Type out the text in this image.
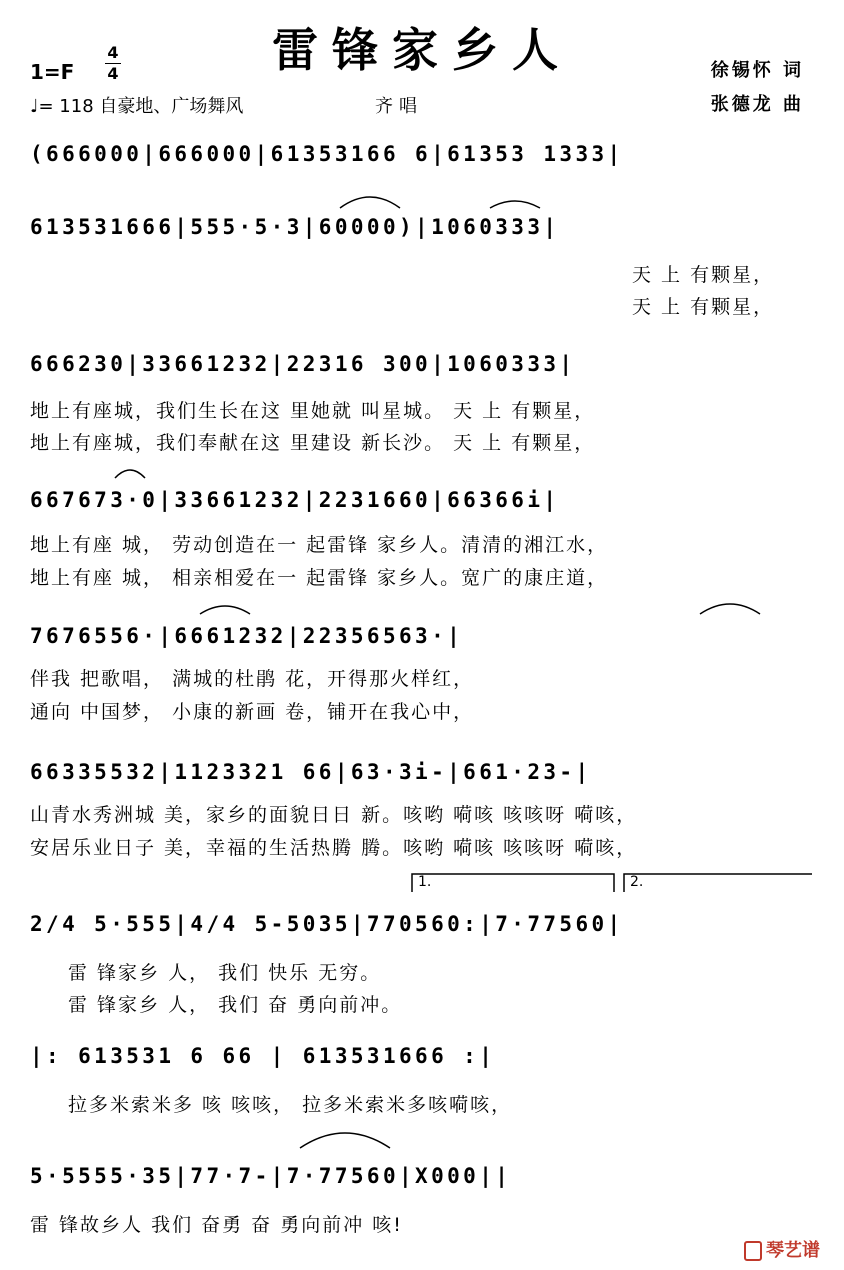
雷锋家乡人
1=F
4
4
♩= 118 自豪地、广场舞风	齐唱
徐锡怀 词
张德龙 曲
(666000|666000|61353166 6|61353 1333|
613531666|555·5·3|60000)|1060333|
天 上 有颗星，
天 上 有颗星，
666230|33661232|22316 300|1060333|
地上有座城，我们生长在这 里她就 叫星城。 天 上 有颗星，
地上有座城，我们奉献在这 里建设 新长沙。 天 上 有颗星，
667673·0|33661232|2231660|66366i|
地上有座 城， 劳动创造在一 起雷锋 家乡人。清清的湘江水，
地上有座 城， 相亲相爱在一 起雷锋 家乡人。宽广的康庄道，
7676556·|6661232|22356563·|
伴我 把歌唱， 满城的杜鹃 花，开得那火样红，
通向 中国梦， 小康的新画 卷，铺开在我心中，
66335532|1123321 66|63·3i-|661·23-|
山青水秀洲城 美，家乡的面貌日日 新。咳哟 嗬咳 咳咳呀 嗬咳，
安居乐业日子 美，幸福的生活热腾 腾。咳哟 嗬咳 咳咳呀 嗬咳，
1.	2.
2/4 5·555|4/4 5-5035|770560:|7·77560|
雷 锋家乡 人， 我们 快乐 无穷。
雷 锋家乡 人， 我们 奋 勇向前冲。
|: 613531 6 66 | 613531666 :|
拉多米索米多 咳 咳咳， 拉多米索米多咳嗬咳，
5·5555·35|77·7-|7·77560|X000||
雷 锋故乡人 我们 奋勇 奋 勇向前冲 咳!
琴艺谱
